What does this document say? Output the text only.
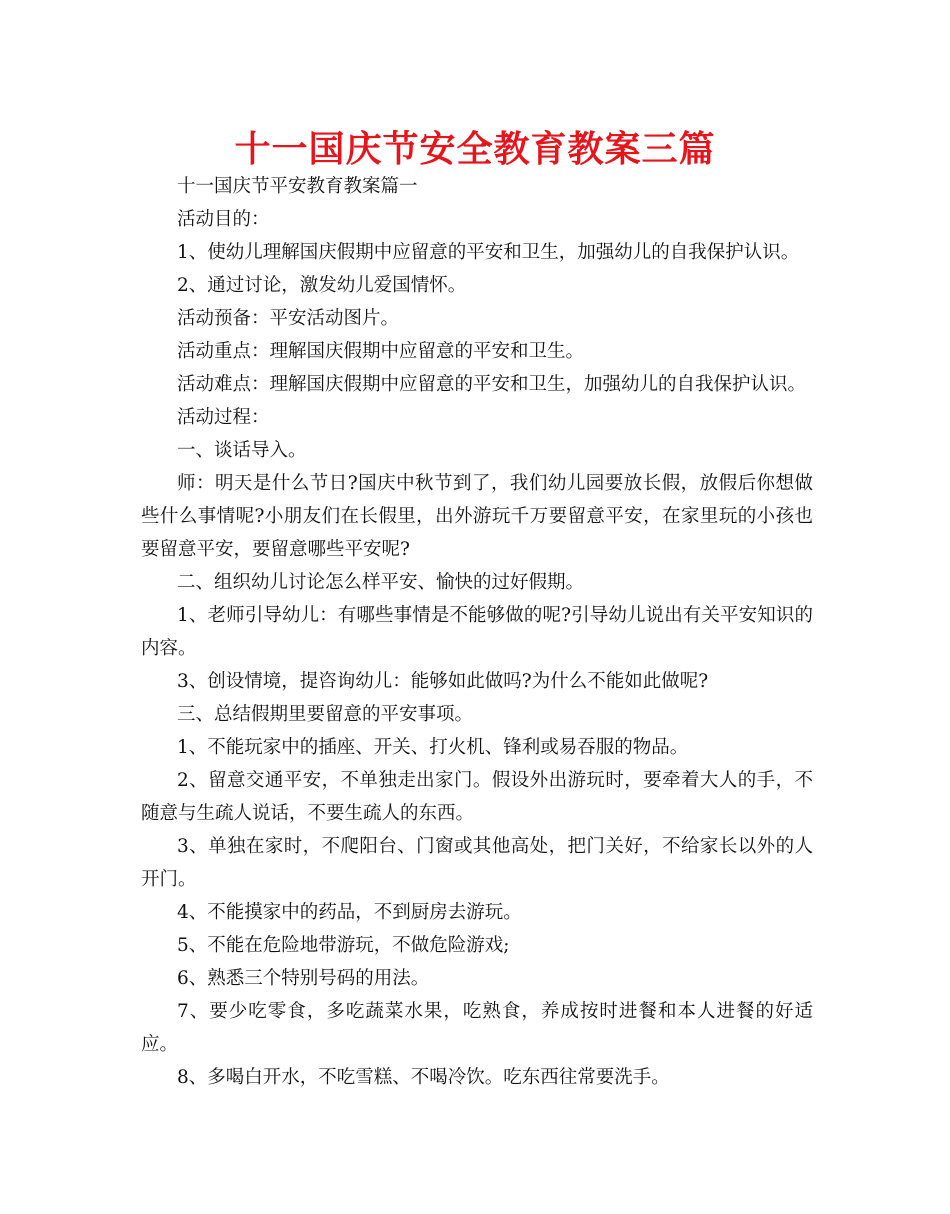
十一国庆节安全教育教案三篇

十一国庆节平安教育教案篇一

活动目的：

1、使幼儿理解国庆假期中应留意的平安和卫生，加强幼儿的自我保护认识。

2、通过讨论，激发幼儿爱国情怀。

活动预备：平安活动图片。

活动重点：理解国庆假期中应留意的平安和卫生。

活动难点：理解国庆假期中应留意的平安和卫生，加强幼儿的自我保护认识。

活动过程：

一、谈话导入。

师：明天是什么节日?国庆中秋节到了，我们幼儿园要放长假，放假后你想做些什么事情呢?小朋友们在长假里，出外游玩千万要留意平安，在家里玩的小孩也要留意平安，要留意哪些平安呢?

二、组织幼儿讨论怎么样平安、愉快的过好假期。

1、老师引导幼儿：有哪些事情是不能够做的呢?引导幼儿说出有关平安知识的内容。

3、创设情境，提咨询幼儿：能够如此做吗?为什么不能如此做呢?

三、总结假期里要留意的平安事项。

1、不能玩家中的插座、开关、打火机、锋利或易吞服的物品。

2、留意交通平安，不单独走出家门。假设外出游玩时，要牵着大人的手，不随意与生疏人说话，不要生疏人的东西。

3、单独在家时，不爬阳台、门窗或其他高处，把门关好，不给家长以外的人开门。

4、不能摸家中的药品，不到厨房去游玩。

5、不能在危险地带游玩，不做危险游戏;

6、熟悉三个特别号码的用法。

7、要少吃零食，多吃蔬菜水果，吃熟食，养成按时进餐和本人进餐的好适应。

8、多喝白开水，不吃雪糕、不喝冷饮。吃东西往常要洗手。
